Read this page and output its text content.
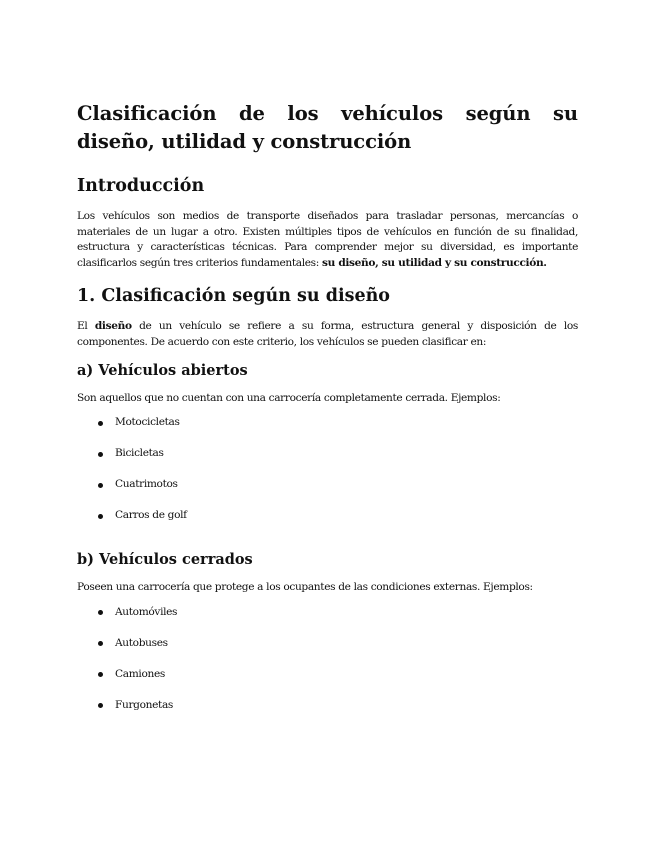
Clasificación de los vehículos según su diseño, utilidad y construcción
Introducción

Los vehículos son medios de transporte diseñados para trasladar personas, mercancías o materiales de un lugar a otro. Existen múltiples tipos de vehículos en función de su finalidad, estructura y características técnicas. Para comprender mejor su diversidad, es importante clasificarlos según tres criterios fundamentales: su diseño, su utilidad y su construcción.

1. Clasificación según su diseño

El diseño de un vehículo se refiere a su forma, estructura general y disposición de los componentes. De acuerdo con este criterio, los vehículos se pueden clasificar en:

a) Vehículos abiertos

Son aquellos que no cuentan con una carrocería completamente cerrada. Ejemplos:

Motocicletas
Bicicletas
Cuatrimotos
Carros de golf
b) Vehículos cerrados

Poseen una carrocería que protege a los ocupantes de las condiciones externas. Ejemplos:

Automóviles
Autobuses
Camiones
Furgonetas
